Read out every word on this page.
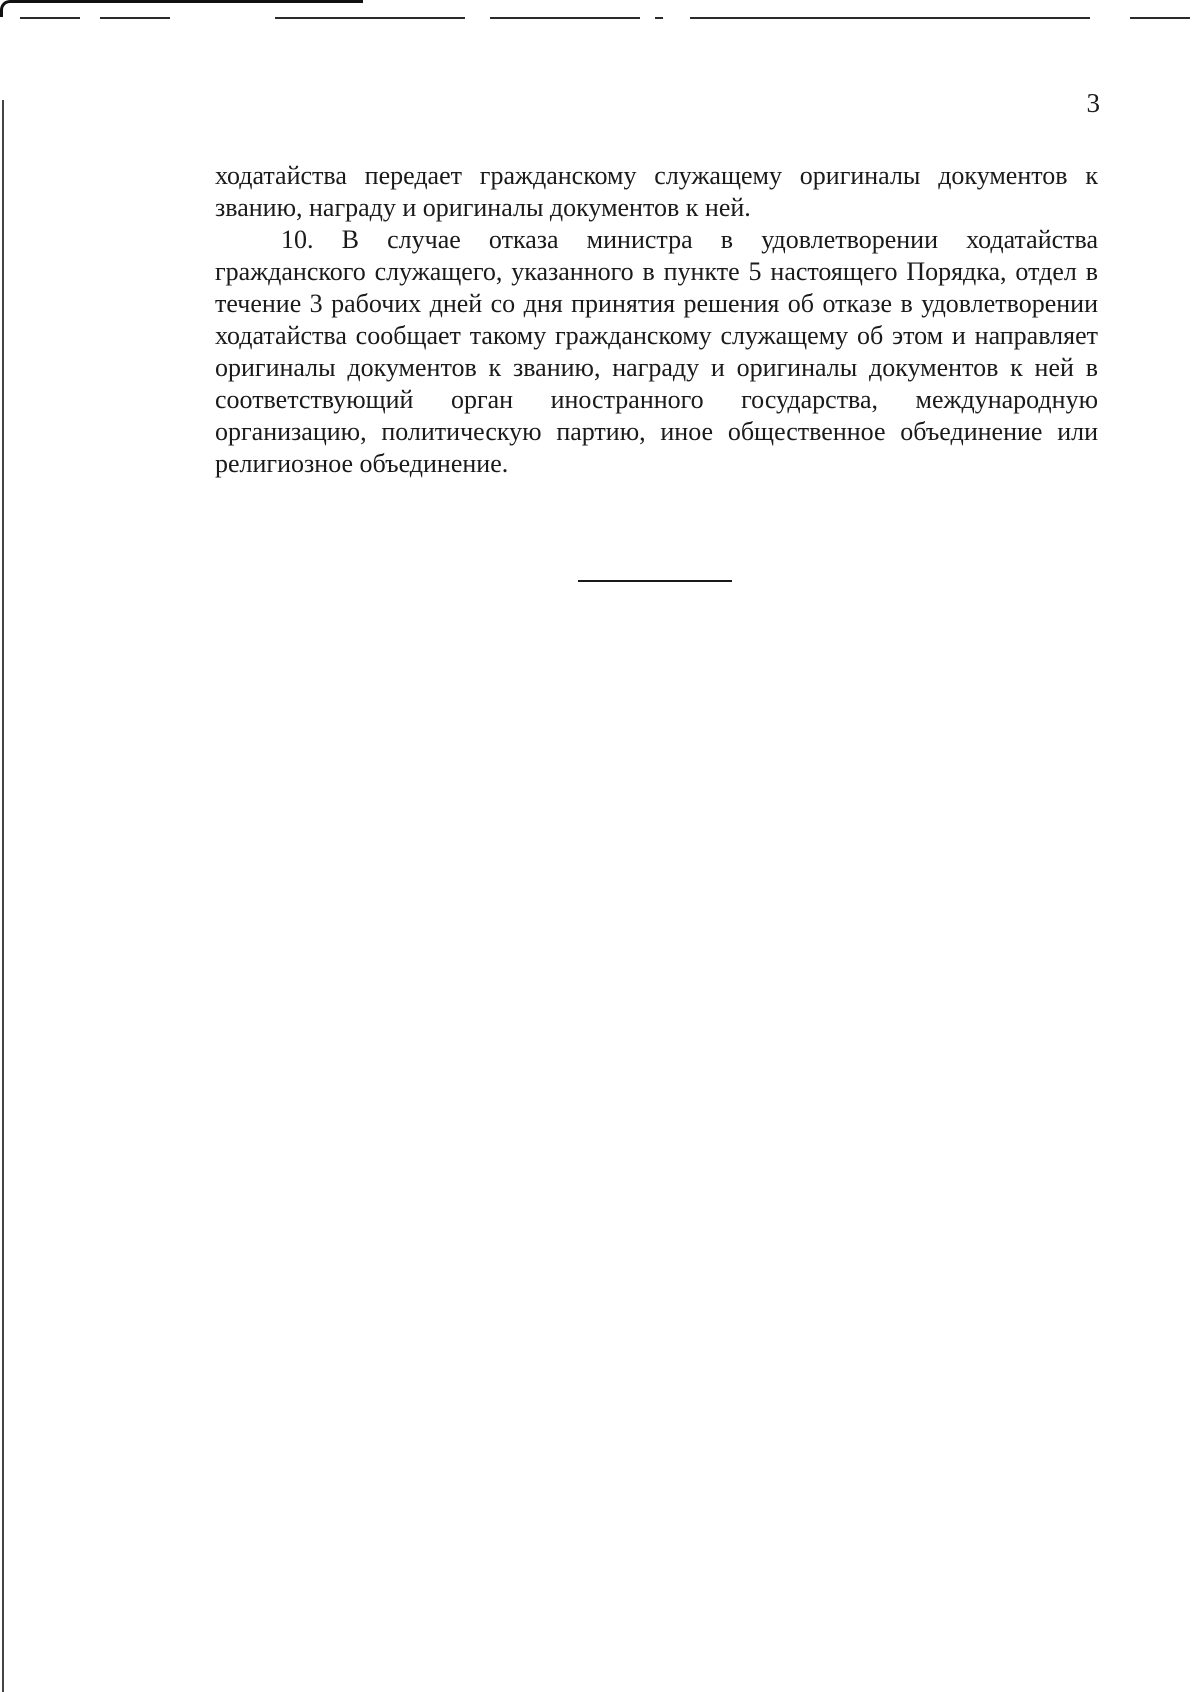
3

ходатайства передает гражданскому служащему оригиналы документов к званию, награду и оригиналы документов к ней.

10. В случае отказа министра в удовлетворении ходатайства гражданского служащего, указанного в пункте 5 настоящего Порядка, отдел в течение 3 рабочих дней со дня принятия решения об отказе в удовлетворении ходатайства сообщает такому гражданскому служащему об этом и направляет оригиналы документов к званию, награду и оригиналы документов к ней в соответствующий орган иностранного государства, международную организацию, политическую партию, иное общественное объединение или религиозное объединение.
